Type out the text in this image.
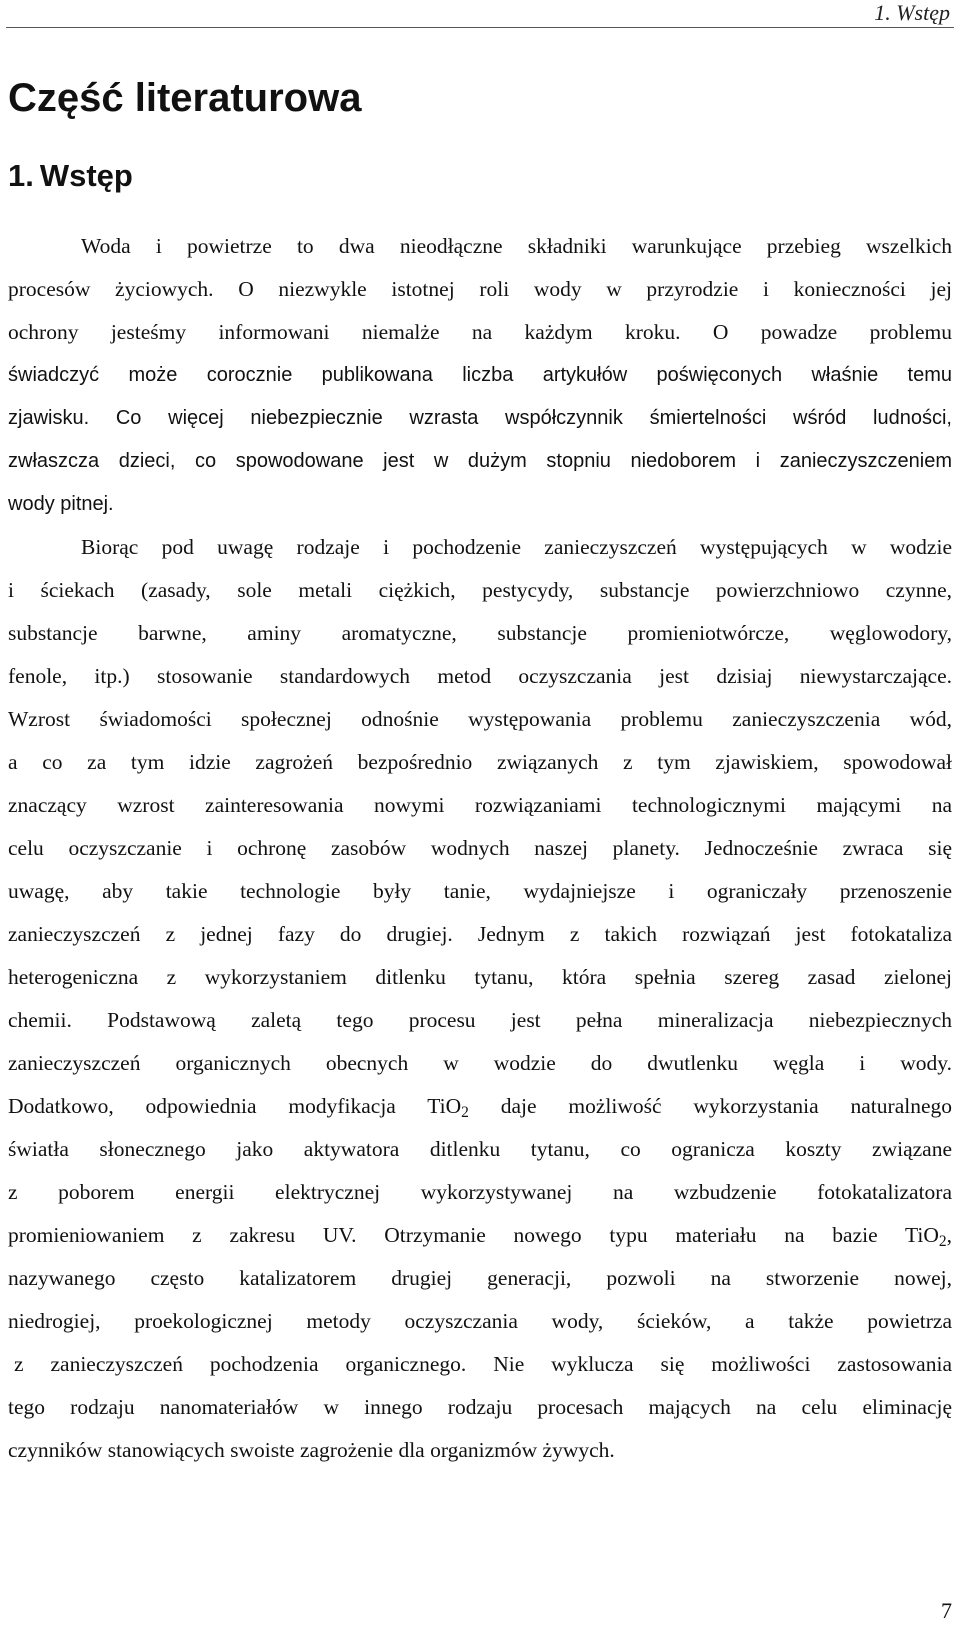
1. Wstęp
Część literaturowa
1. Wstęp
Woda i powietrze to dwa nieodłączne składniki warunkujące przebieg wszelkich
procesów życiowych. O niezwykle istotnej roli wody w przyrodzie i konieczności jej
ochrony jesteśmy informowani niemalże na każdym kroku. O powadze problemu
świadczyć może corocznie publikowana liczba artykułów poświęconych właśnie temu
zjawisku. Co więcej niebezpiecznie wzrasta współczynnik śmiertelności wśród ludności,
zwłaszcza dzieci, co spowodowane jest w dużym stopniu niedoborem i zanieczyszczeniem
wody pitnej.
Biorąc pod uwagę rodzaje i pochodzenie zanieczyszczeń występujących w wodzie
i ściekach (zasady, sole metali ciężkich, pestycydy, substancje powierzchniowo czynne,
substancje barwne, aminy aromatyczne, substancje promieniotwórcze, węglowodory,
fenole, itp.) stosowanie standardowych metod oczyszczania jest dzisiaj niewystarczające.
Wzrost świadomości społecznej odnośnie występowania problemu zanieczyszczenia wód,
a co za tym idzie zagrożeń bezpośrednio związanych z tym zjawiskiem, spowodował
znaczący wzrost zainteresowania nowymi rozwiązaniami technologicznymi mającymi na
celu oczyszczanie i ochronę zasobów wodnych naszej planety. Jednocześnie zwraca się
uwagę, aby takie technologie były tanie, wydajniejsze i ograniczały przenoszenie
zanieczyszczeń z jednej fazy do drugiej. Jednym z takich rozwiązań jest fotokataliza
heterogeniczna z wykorzystaniem ditlenku tytanu, która spełnia szereg zasad zielonej
chemii. Podstawową zaletą tego procesu jest pełna mineralizacja niebezpiecznych
zanieczyszczeń organicznych obecnych w wodzie do dwutlenku węgla i wody.
Dodatkowo, odpowiednia modyfikacja TiO$_2$ daje możliwość wykorzystania naturalnego
światła słonecznego jako aktywatora ditlenku tytanu, co ogranicza koszty związane
z poborem energii elektrycznej wykorzystywanej na wzbudzenie fotokatalizatora
promieniowaniem z zakresu UV. Otrzymanie nowego typu materiału na bazie TiO$_2$,
nazywanego często katalizatorem drugiej generacji, pozwoli na stworzenie nowej,
niedrogiej, proekologicznej metody oczyszczania wody, ścieków, a także powietrza
z zanieczyszczeń pochodzenia organicznego. Nie wyklucza się możliwości zastosowania
tego rodzaju nanomateriałów w innego rodzaju procesach mających na celu eliminację
czynników stanowiących swoiste zagrożenie dla organizmów żywych.
7
